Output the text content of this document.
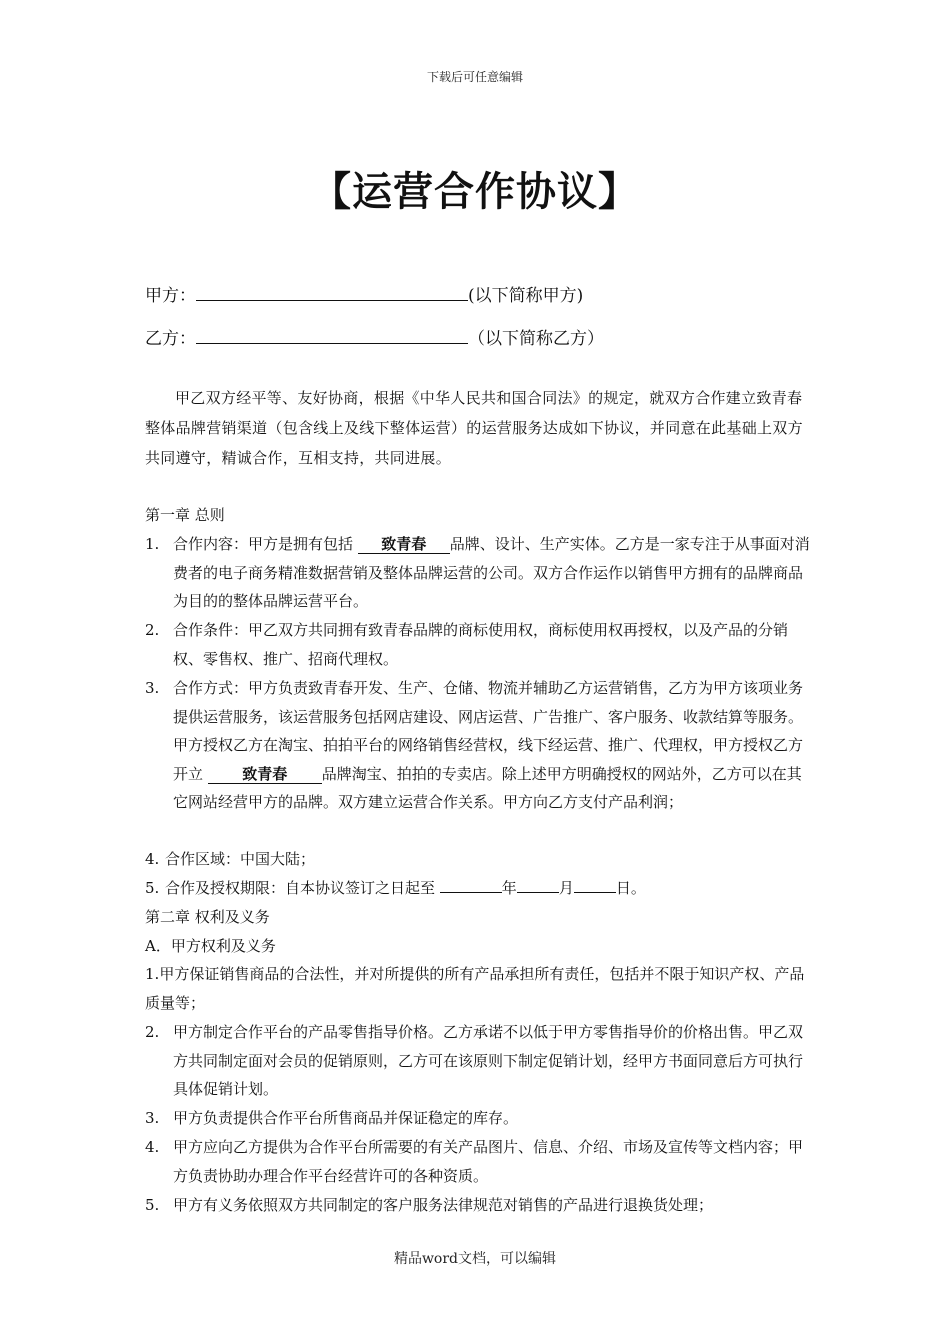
下载后可任意编辑
【运营合作协议】
甲方：	(以下简称甲方)
乙方：	（以下简称乙方）
甲乙双方经平等、友好协商，根据《中华人民共和国合同法》的规定，就双方合作建立致青春整体品牌营销渠道（包含线上及线下整体运营）的运营服务达成如下协议，并同意在此基础上双方共同遵守，精诚合作，互相支持，共同进展。
第一章 总则
1. 合作内容：甲方是拥有包括 致青春 品牌、设计、生产实体。乙方是一家专注于从事面对消费者的电子商务精准数据营销及整体品牌运营的公司。双方合作运作以销售甲方拥有的品牌商品为目的的整体品牌运营平台。
2. 合作条件：甲乙双方共同拥有致青春品牌的商标使用权，商标使用权再授权，以及产品的分销权、零售权、推广、招商代理权。
3. 合作方式：甲方负责致青春开发、生产、仓储、物流并辅助乙方运营销售，乙方为甲方该项业务提供运营服务，该运营服务包括网店建设、网店运营、广告推广、客户服务、收款结算等服务。甲方授权乙方在淘宝、拍拍平台的网络销售经营权，线下经运营、推广、代理权，甲方授权乙方开立	致青春 品牌淘宝、拍拍的专卖店。除上述甲方明确授权的网站外，乙方可以在其它网站经营甲方的品牌。双方建立运营合作关系。甲方向乙方支付产品利润；
4. 合作区域：中国大陆；
5. 合作及授权期限：自本协议签订之日起至	年	月	日。
第二章 权利及义务
A．甲方权利及义务
1.甲方保证销售商品的合法性，并对所提供的所有产品承担所有责任，包括并不限于知识产权、产品质量等；
2. 甲方制定合作平台的产品零售指导价格。乙方承诺不以低于甲方零售指导价的价格出售。甲乙双方共同制定面对会员的促销原则，乙方可在该原则下制定促销计划，经甲方书面同意后方可执行具体促销计划。
3. 甲方负责提供合作平台所售商品并保证稳定的库存。
4. 甲方应向乙方提供为合作平台所需要的有关产品图片、信息、介绍、市场及宣传等文档内容；甲方负责协助办理合作平台经营许可的各种资质。
5. 甲方有义务依照双方共同制定的客户服务法律规范对销售的产品进行退换货处理；
精品word文档，可以编辑
